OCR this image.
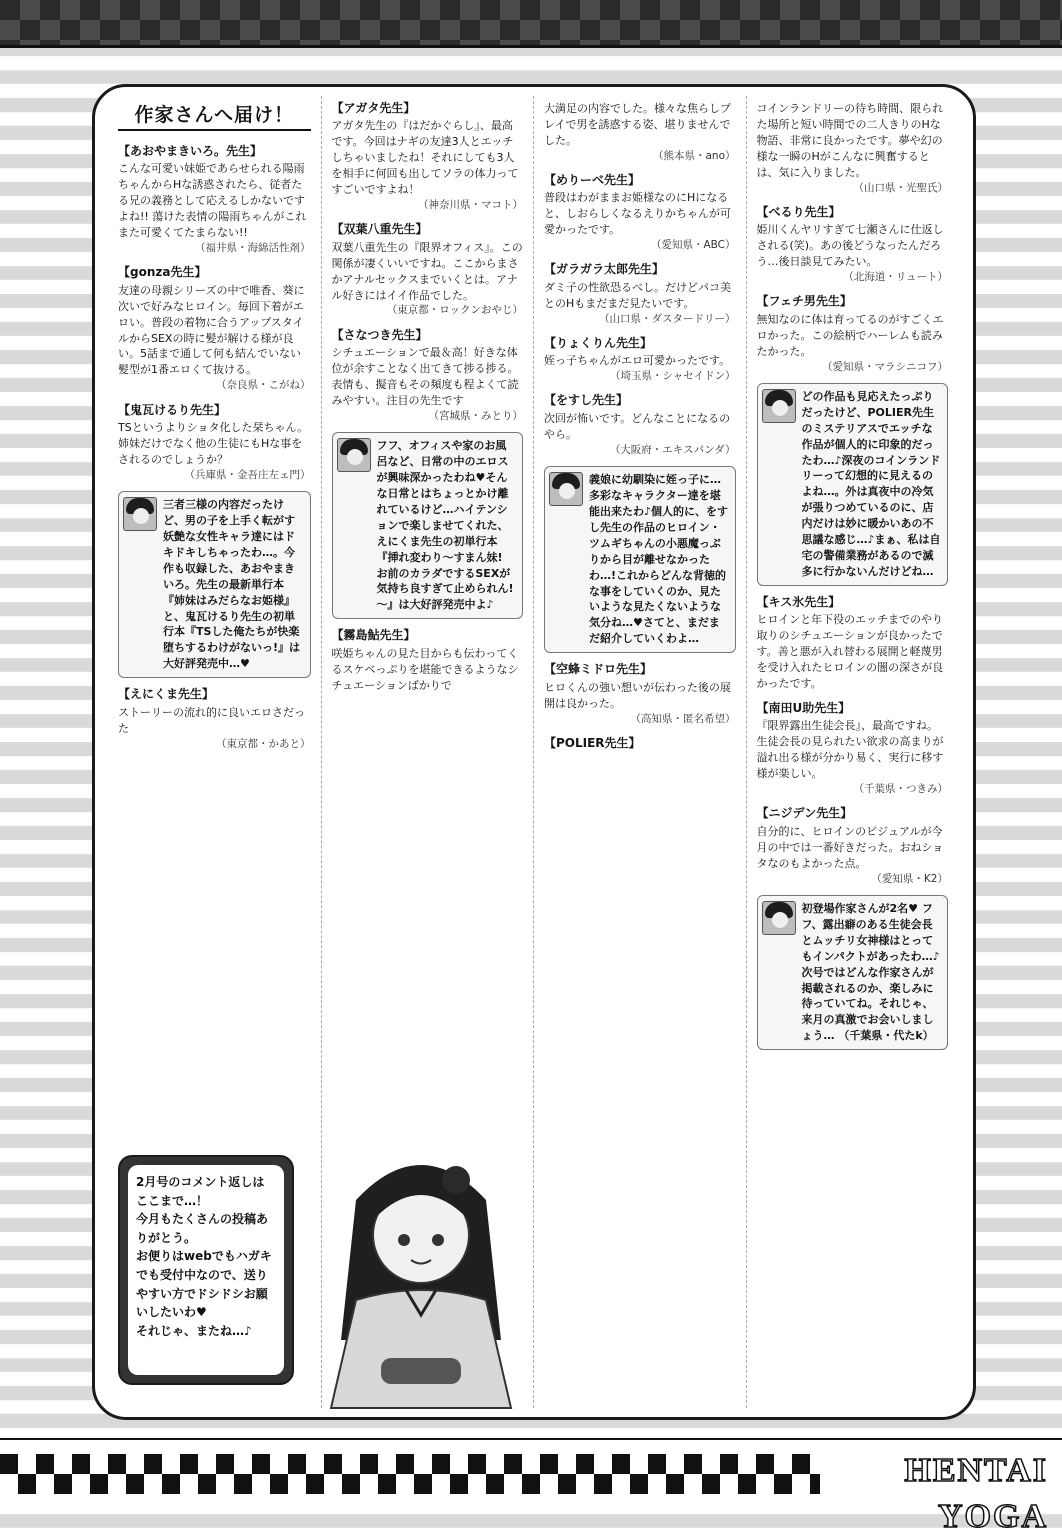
作家さんへ届け！
【あおやまきいろ。先生】
こんな可愛い妹姫であらせられる陽雨ちゃんからHな誘惑されたら、従者たる兄の義務として応えるしかないですよね!! 蕩けた表情の陽雨ちゃんがこれまた可愛くてたまらない!!
（福井県・海綿活性剤）
【gonza先生】
友達の母親シリーズの中で唯香、葵に次いで好みなヒロイン。毎回下着がエロい。普段の着物に合うアップスタイルからSEXの時に髪が解ける様が良い。5話まで通して何も結んでいない髪型が1番エロくて抜ける。
（奈良県・こがね）
【鬼瓦けるり先生】
TSというよりショタ化した栞ちゃん。姉妹だけでなく他の生徒にもHな事をされるのでしょうか？
（兵庫県・金吾庄左ェ門）
三者三様の内容だったけど、男の子を上手く転がす妖艶な女性キャラ達にはドキドキしちゃったわ…。今作も収録した、あおやまきいろ。先生の最新単行本『姉妹はみだらなお姫様』と、鬼瓦けるり先生の初単行本『TSした俺たちが快楽堕ちするわけがないっ!』は大好評発売中…♥
【えにくま先生】
ストーリーの流れ的に良いエロさだった
（東京都・かあと）
【アガタ先生】
アガタ先生の『はだかぐらし』、最高です。今回はナギの友達3人とエッチしちゃいましたね！それにしても3人を相手に何回も出してソラの体力ってすごいですよね！
（神奈川県・マコト）
【双葉八重先生】
双葉八重先生の『限界オフィス』。この関係が凄くいいですね。ここからまさかアナルセックスまでいくとは。アナル好きにはイイ作品でした。
（東京都・ロックンおやじ）
【さなつき先生】
シチュエーションで最＆高！好きな体位が余すことなく出てきて捗る捗る。表情も、擬音もその頻度も程よくて読みやすい。注目の先生です
（宮城県・みとり）
フフ、オフィスや家のお風呂など、日常の中のエロスが興味深かったわね♥そんな日常とはちょっとかけ離れているけど…ハイテンションで楽しませてくれた、えにくま先生の初単行本『挿れ変わり～すまん妹! お前のカラダでするSEXが気持ち良すぎて止められん!～』は大好評発売中よ♪
【霧島鮎先生】
咲姫ちゃんの見た目からも伝わってくるスケベっぷりを堪能できるようなシチュエーションばかりで
大満足の内容でした。様々な焦らしプレイで男を誘惑する姿、堪りませんでした。
（熊本県・ano）
【めりーべ先生】
普段はわがままお姫様なのにHになると、しおらしくなるえりかちゃんが可愛かったです。
（愛知県・ABC）
【ガラガラ太郎先生】
ダミ子の性欲恐るべし。だけどパコ美とのHもまだまだ見たいです。
（山口県・ダスタードリー）
【りょくりん先生】
姪っ子ちゃんがエロ可愛かったです。
（埼玉県・シャセイドン）
【をすし先生】
次回が怖いです。どんなことになるのやら。
（大阪府・エキスパンダ）
義娘に幼馴染に姪っ子に…多彩なキャラクター達を堪能出来たわ♪個人的に、をすし先生の作品のヒロイン・ツムギちゃんの小悪魔っぷりから目が離せなかったわ…!これからどんな背徳的な事をしていくのか、見たいような見たくないような気分ね…♥さてと、まだまだ紹介していくわよ…
【空蜂ミドロ先生】
ヒロくんの強い想いが伝わった後の展開は良かった。
（高知県・匿名希望）
【POLIER先生】
コインランドリーの待ち時間、限られた場所と短い時間での二人きりのHな物語、非常に良かったです。夢や幻の様な一瞬のHがこんなに興奮するとは、気に入りました。
（山口県・光聖氏）
【べるり先生】
姫川くんヤリすぎて七瀬さんに仕返しされる(笑)。あの後どうなったんだろう…後日談見てみたい。
（北海道・リュート）
【フェチ男先生】
無知なのに体は育ってるのがすごくエロかった。この絵柄でハーレムも読みたかった。
（愛知県・マラシニコフ）
どの作品も見応えたっぷりだったけど、POLIER先生のミステリアスでエッチな作品が個人的に印象的だったわ…♪深夜のコインランドリーって幻想的に見えるのよね…。外は真夜中の冷気が張りつめているのに、店内だけは妙に暖かいあの不思議な感じ…♪まぁ、私は自宅の警備業務があるので滅多に行かないんだけどね…
【キス氷先生】
ヒロインと年下役のエッチまでのやり取りのシチュエーションが良かったです。善と悪が入れ替わる展開と軽蔑男を受け入れたヒロインの闇の深さが良かったです。
【南田U助先生】
『限界露出生徒会長』、最高ですね。生徒会長の見られたい欲求の高まりが溢れ出る様が分かり易く、実行に移す様が楽しい。
（千葉県・つきみ）
【ニジデン先生】
自分的に、ヒロインのビジュアルが今月の中では一番好きだった。おねショタなのもよかった点。
（愛知県・K2）
初登場作家さんが2名♥ フフ、露出癖のある生徒会長とムッチリ女神様はとってもインパクトがあったわ…♪次号ではどんな作家さんが掲載されるのか、楽しみに待っていてね。それじゃ、来月の真激でお会いしましょう… （千葉県・代たk）
2月号のコメント返しはここまで…！
今月もたくさんの投稿ありがとう。
お便りはwebでもハガキでも受付中なので、送りやすい方でドシドシお願いしたいわ♥
それじゃ、またね…♪
HENTAI YOGA
